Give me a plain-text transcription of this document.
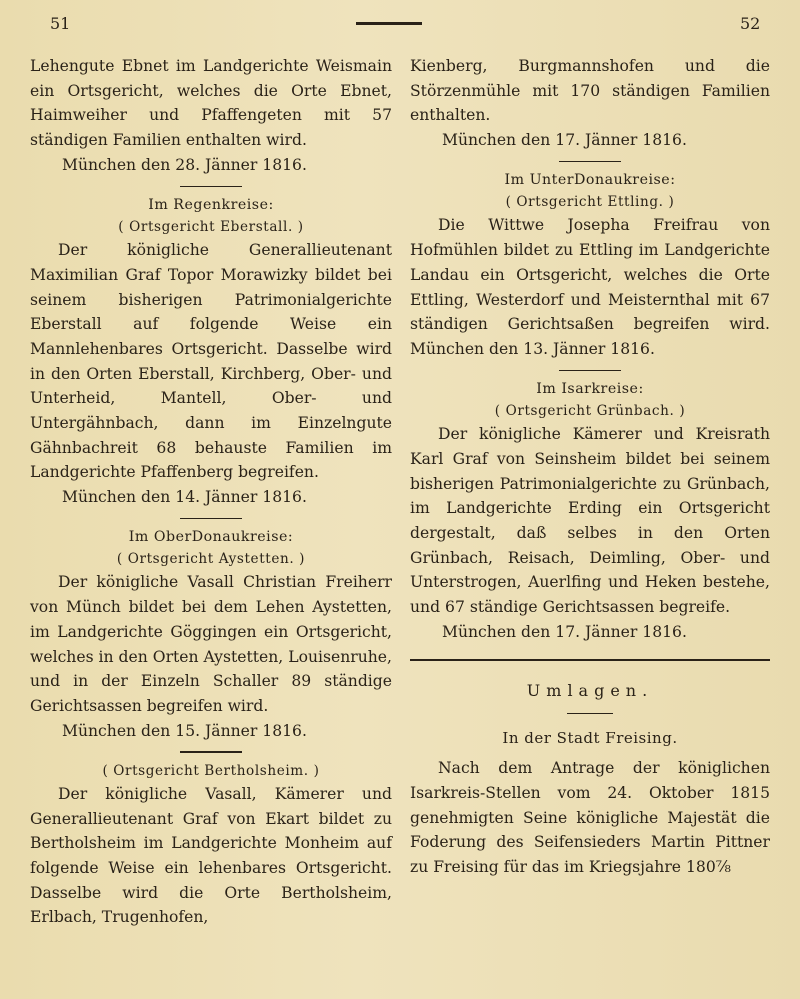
51	52
Lehengute Ebnet im Landgerichte Weismain ein Ortsgericht, welches die Orte Ebnet, Haimweiher und Pfaffengeten mit 57 ständigen Familien enthalten wird.
München den 28. Jänner 1816.
Im Regenkreise:
( Ortsgericht Eberstall. )
Der königliche Generallieutenant Maximilian Graf Topor Morawizky bildet bei seinem bisherigen Patrimonialgerichte Eberstall auf folgende Weise ein Mannlehenbares Ortsgericht. Dasselbe wird in den Orten Eberstall, Kirchberg, Ober- und Unterheid, Mantell, Ober- und Untergähnbach, dann im Einzelngute Gähnbachreit 68 behauste Familien im Landgerichte Pfaffenberg begreifen.
München den 14. Jänner 1816.
Im OberDonaukreise:
( Ortsgericht Aystetten. )
Der königliche Vasall Christian Freiherr von Münch bildet bei dem Lehen Aystetten, im Landgerichte Göggingen ein Ortsgericht, welches in den Orten Aystetten, Louisenruhe, und in der Einzeln Schaller 89 ständige Gerichtsassen begreifen wird.
München den 15. Jänner 1816.
( Ortsgericht Bertholsheim. )
Der königliche Vasall, Kämerer und Generallieutenant Graf von Ekart bildet zu Bertholsheim im Landgerichte Monheim auf folgende Weise ein lehenbares Ortsgericht. Dasselbe wird die Orte Bertholsheim, Erlbach, Trugenhofen,
Kienberg, Burgmannshofen und die Störzenmühle mit 170 ständigen Familien enthalten.
München den 17. Jänner 1816.
Im UnterDonaukreise:
( Ortsgericht Ettling. )
Die Wittwe Josepha Freifrau von Hofmühlen bildet zu Ettling im Landgerichte Landau ein Ortsgericht, welches die Orte Ettling, Westerdorf und Meisternthal mit 67 ständigen Gerichtsaßen begreifen wird. München den 13. Jänner 1816.
Im Isarkreise:
( Ortsgericht Grünbach. )
Der königliche Kämerer und Kreisrath Karl Graf von Seinsheim bildet bei seinem bisherigen Patrimonialgerichte zu Grünbach, im Landgerichte Erding ein Ortsgericht dergestalt, daß selbes in den Orten Grünbach, Reisach, Deimling, Ober- und Unterstrogen, Auerlfing und Heken bestehe, und 67 ständige Gerichtsassen begreife.
München den 17. Jänner 1816.
Umlagen.
In der Stadt Freising.
Nach dem Antrage der königlichen Isarkreis-Stellen vom 24. Oktober 1815 genehmigten Seine königliche Majestät die Foderung des Seifensieders Martin Pittner zu Freising für das im Kriegsjahre 180⅞
